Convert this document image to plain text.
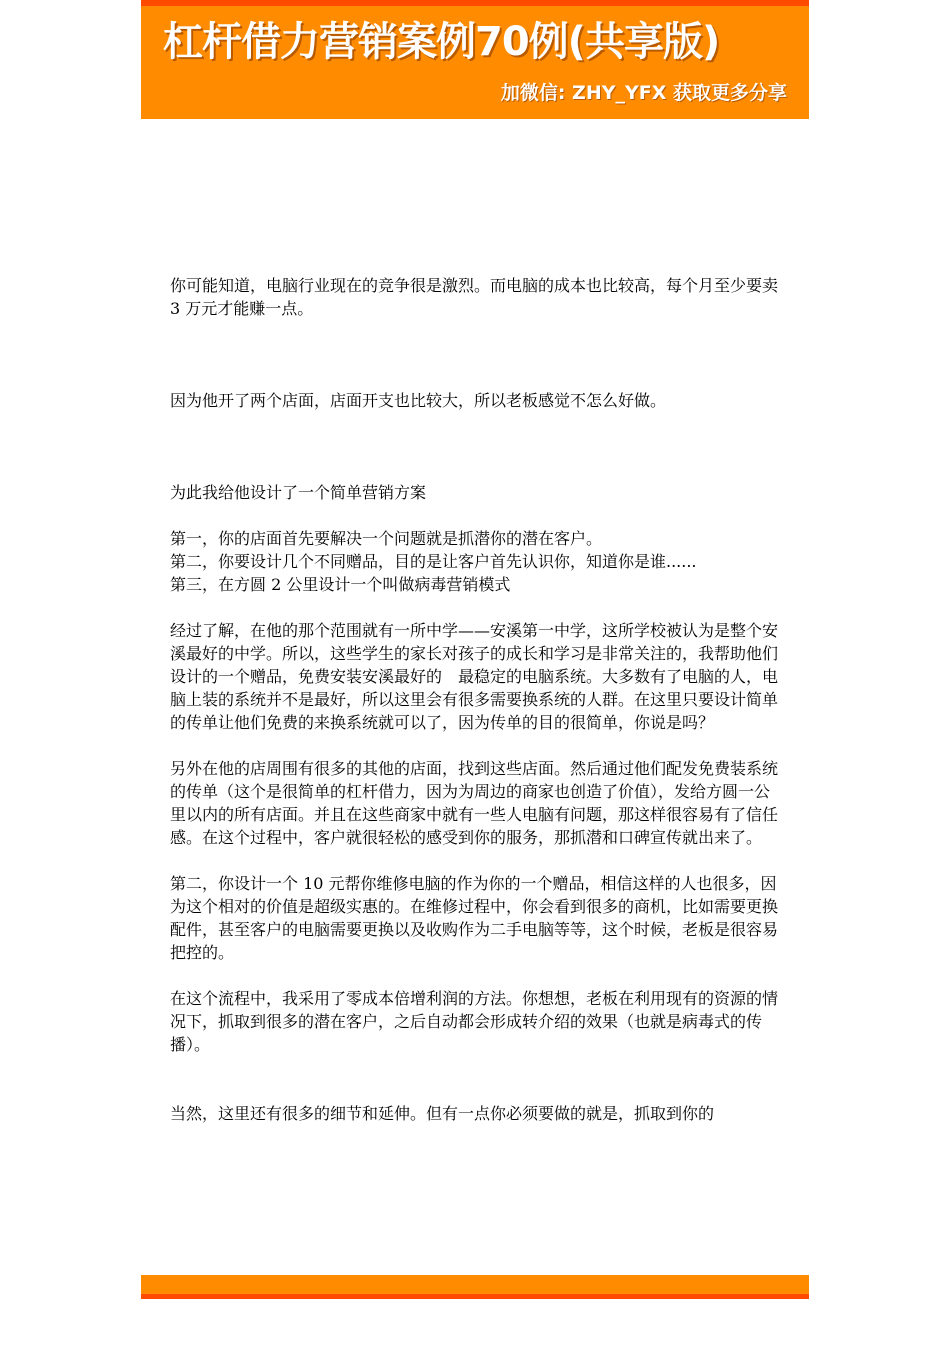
杠杆借力营销案例70例(共享版)
加微信: ZHY_YFX 获取更多分享

你可能知道，电脑行业现在的竞争很是激烈。而电脑的成本也比较高，每个月至少要卖 3 万元才能赚一点。

因为他开了两个店面，店面开支也比较大，所以老板感觉不怎么好做。

为此我给他设计了一个简单营销方案

第一，你的店面首先要解决一个问题就是抓潜你的潜在客户。

第二，你要设计几个不同赠品，目的是让客户首先认识你，知道你是谁......

第三，在方圆 2 公里设计一个叫做病毒营销模式

经过了解，在他的那个范围就有一所中学——安溪第一中学，这所学校被认为是整个安溪最好的中学。所以，这些学生的家长对孩子的成长和学习是非常关注的，我帮助他们设计的一个赠品，免费安装安溪最好的　最稳定的电脑系统。大多数有了电脑的人，电脑上装的系统并不是最好，所以这里会有很多需要换系统的人群。在这里只要设计简单的传单让他们免费的来换系统就可以了，因为传单的目的很简单，你说是吗？

另外在他的店周围有很多的其他的店面，找到这些店面。然后通过他们配发免费装系统的传单（这个是很简单的杠杆借力，因为为周边的商家也创造了价值），发给方圆一公里以内的所有店面。并且在这些商家中就有一些人电脑有问题，那这样很容易有了信任感。在这个过程中，客户就很轻松的感受到你的服务，那抓潜和口碑宣传就出来了。

第二，你设计一个 10 元帮你维修电脑的作为你的一个赠品，相信这样的人也很多，因为这个相对的价值是超级实惠的。在维修过程中，你会看到很多的商机，比如需要更换配件，甚至客户的电脑需要更换以及收购作为二手电脑等等，这个时候，老板是很容易把控的。

在这个流程中，我采用了零成本倍增利润的方法。你想想，老板在利用现有的资源的情况下，抓取到很多的潜在客户，之后自动都会形成转介绍的效果（也就是病毒式的传播）。

当然，这里还有很多的细节和延伸。但有一点你必须要做的就是，抓取到你的
